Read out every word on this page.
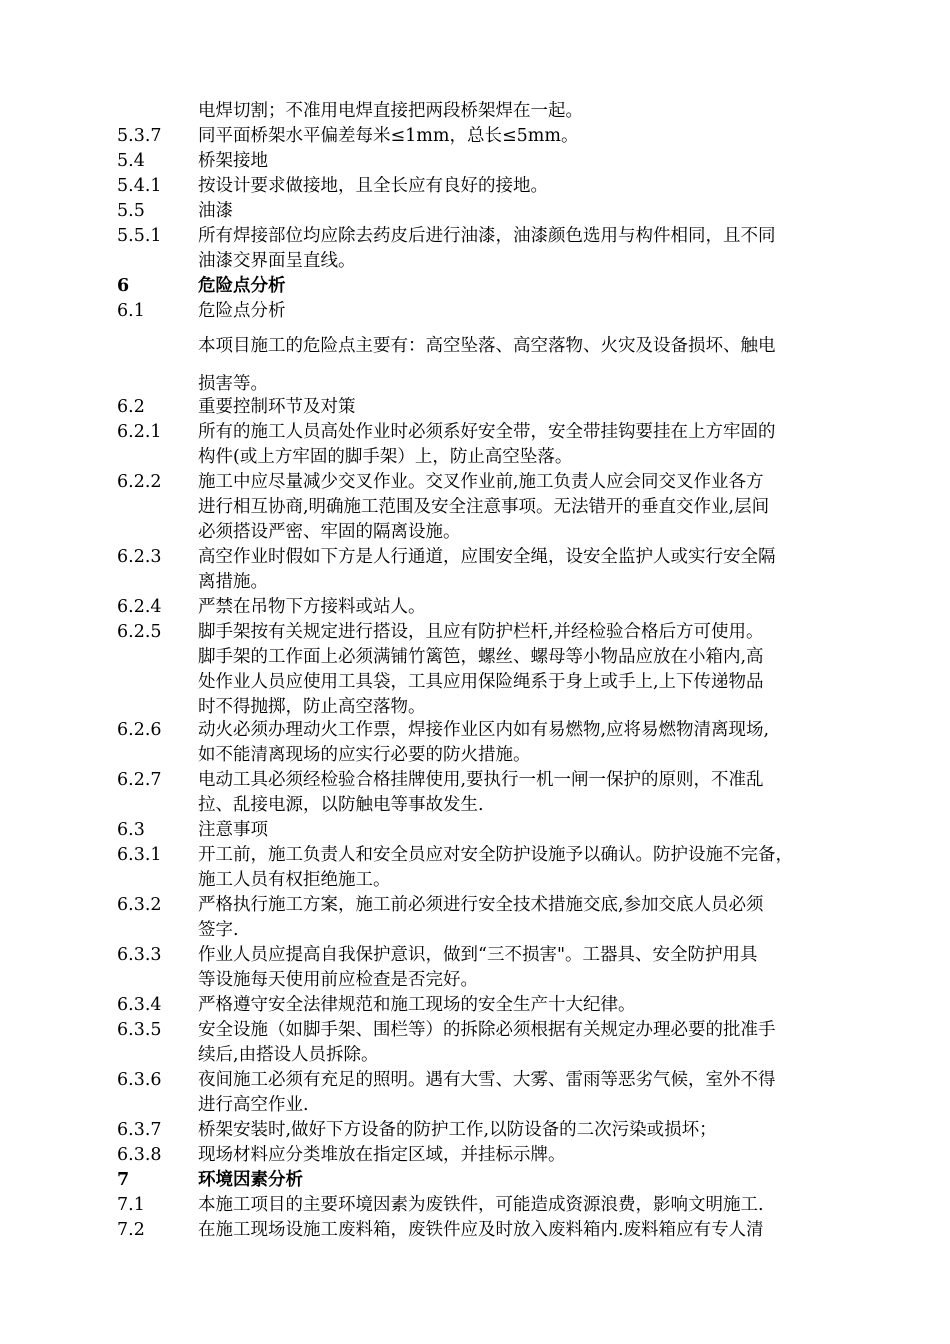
电焊切割；不准用电焊直接把两段桥架焊在一起。
5.3.7 同平面桥架水平偏差每米≤1mm，总长≤5mm。
5.4	桥架接地
5.4.1 按设计要求做接地，且全长应有良好的接地。
5.5	油漆
5.5.1 所有焊接部位均应除去药皮后进行油漆，油漆颜色选用与构件相同，且不同
油漆交界面呈直线。
6	危险点分析
6.1	危险点分析
本项目施工的危险点主要有：高空坠落、高空落物、火灾及设备损坏、触电
损害等。
6.2	重要控制环节及对策
6.2.1 所有的施工人员高处作业时必须系好安全带，安全带挂钩要挂在上方牢固的
构件(或上方牢固的脚手架）上，防止高空坠落。
6.2.2 施工中应尽量减少交叉作业。交叉作业前,施工负责人应会同交叉作业各方
进行相互协商,明确施工范围及安全注意事项。无法错开的垂直交作业,层间
必须搭设严密、牢固的隔离设施。
6.2.3 高空作业时假如下方是人行通道，应围安全绳，设安全监护人或实行安全隔
离措施。
6.2.4 严禁在吊物下方接料或站人。
6.2.5 脚手架按有关规定进行搭设，且应有防护栏杆,并经检验合格后方可使用。
脚手架的工作面上必须满铺竹篱笆，螺丝、螺母等小物品应放在小箱内,高
处作业人员应使用工具袋，工具应用保险绳系于身上或手上,上下传递物品
时不得抛掷，防止高空落物。
6.2.6 动火必须办理动火工作票，焊接作业区内如有易燃物,应将易燃物清离现场,
如不能清离现场的应实行必要的防火措施。
6.2.7 电动工具必须经检验合格挂牌使用,要执行一机一闸一保护的原则，不准乱
拉、乱接电源，以防触电等事故发生.
6.3	注意事项
6.3.1 开工前，施工负责人和安全员应对安全防护设施予以确认。防护设施不完备，
施工人员有权拒绝施工。
6.3.2 严格执行施工方案，施工前必须进行安全技术措施交底,参加交底人员必须
签字.
6.3.3 作业人员应提高自我保护意识，做到“三不损害"。工器具、安全防护用具
等设施每天使用前应检查是否完好。
6.3.4 严格遵守安全法律规范和施工现场的安全生产十大纪律。
6.3.5 安全设施（如脚手架、围栏等）的拆除必须根据有关规定办理必要的批准手
续后,由搭设人员拆除。
6.3.6 夜间施工必须有充足的照明。遇有大雪、大雾、雷雨等恶劣气候，室外不得
进行高空作业.
6.3.7 桥架安装时,做好下方设备的防护工作,以防设备的二次污染或损坏；
6.3.8 现场材料应分类堆放在指定区域，并挂标示牌。
7	环境因素分析
7.1	本施工项目的主要环境因素为废铁件，可能造成资源浪费，影响文明施工.
7.2	在施工现场设施工废料箱，废铁件应及时放入废料箱内.废料箱应有专人清
